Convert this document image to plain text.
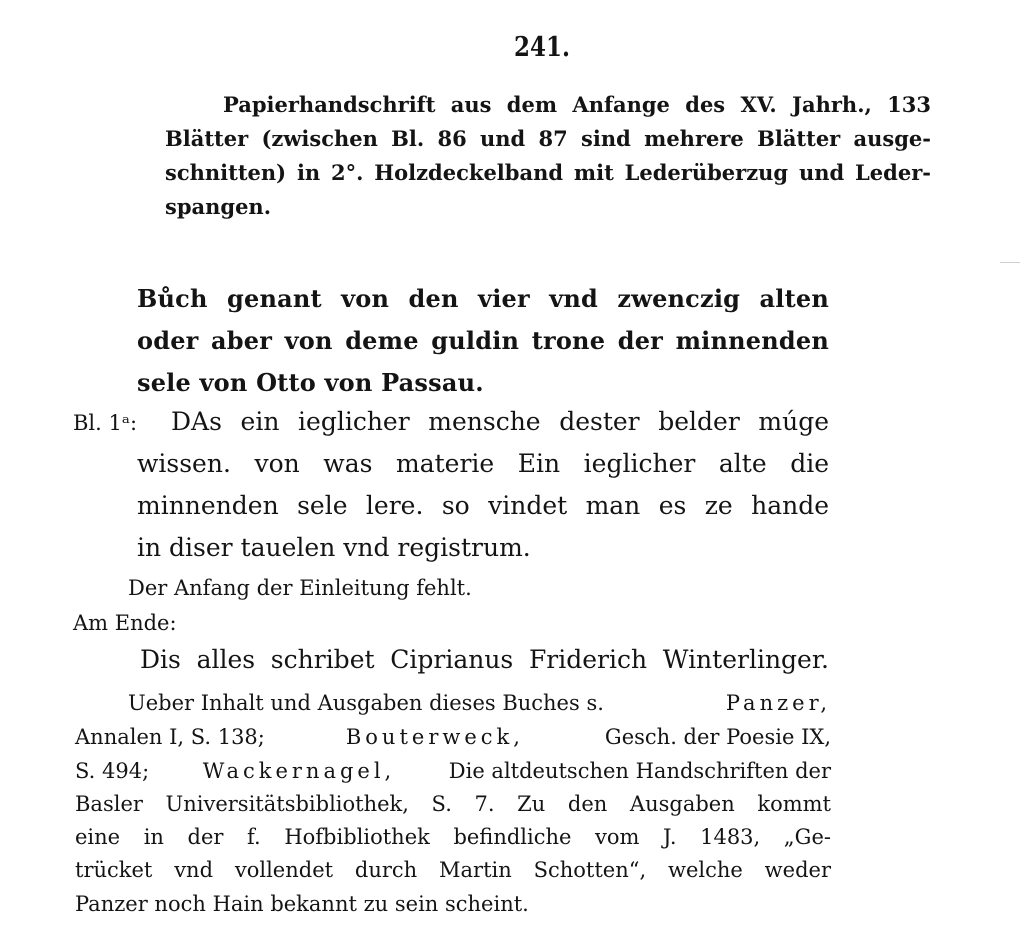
241.
Papierhandschrift aus dem Anfange des XV. Jahrh., 133
Blätter (zwischen Bl. 86 und 87 sind mehrere Blätter ausge-
schnitten) in 2°. Holzdeckelband mit Lederüberzug und Leder-
spangen.
Bůch genant von den vier vnd zwenczig alten
oder aber von deme guldin trone der minnenden
sele von Otto von Passau.
Bl. 1ᵃ: DAs ein ieglicher mensche dester belder múge
wissen. von was materie Ein ieglicher alte die
minnenden sele lere. so vindet man es ze hande
in diser tauelen vnd registrum.
Der Anfang der Einleitung fehlt.
Am Ende:
Dis alles schribet Ciprianus Friderich Winterlinger.
Ueber Inhalt und Ausgaben dieses Buches s.	Panzer,
Annalen I, S. 138;	Bouterweck,	Gesch. der Poesie IX,
S. 494;	Wackernagel,	Die altdeutschen Handschriften der
Basler Universitätsbibliothek, S. 7. Zu den Ausgaben kommt
eine in der f. Hofbibliothek befindliche vom J. 1483, „Ge-
trücket vnd vollendet durch Martin Schotten“, welche weder
Panzer noch Hain bekannt zu sein scheint.
